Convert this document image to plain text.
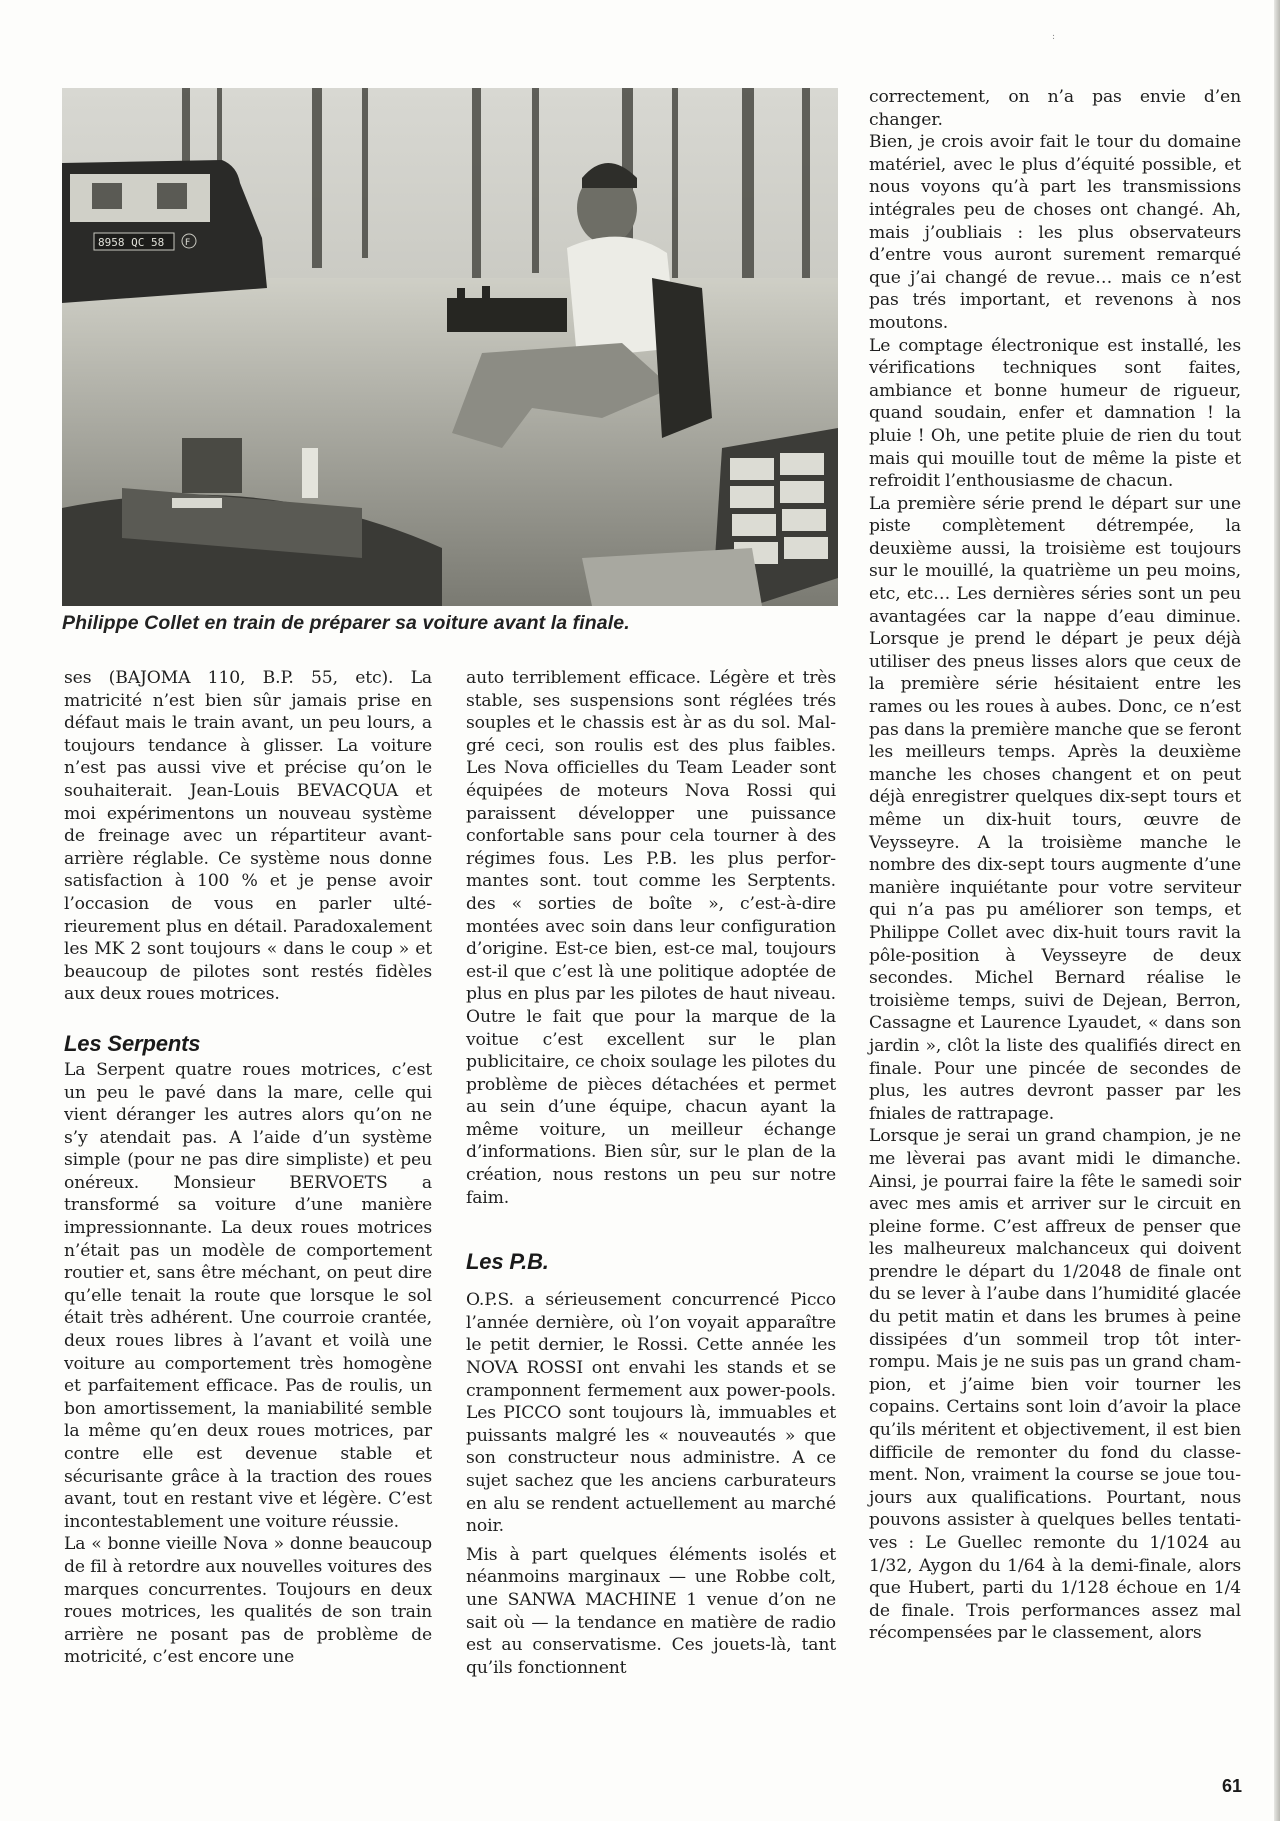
:
8958 QC 58 F
Philippe Collet en train de préparer sa voiture avant la finale.

ses (BAJOMA 110, B.P. 55, etc). La matricité n’est bien sûr jamais prise en défaut mais le train avant, un peu lours, a toujours tendance à glisser. La voiture n’est pas aussi vive et précise qu’on le souhaiterait. Jean-Louis BEVACQUA et moi expérimentons un nouveau système de freinage avec un répartiteur avant-arrière réglable. Ce système nous donne satisfaction à 100 % et je pense avoir l’occasion de vous en parler ultérieurement plus en détail. Paradoxalement les MK 2 sont toujours « dans le coup » et beaucoup de pilotes sont restés fidèles aux deux roues motrices.

Les Serpents

La Serpent quatre roues motrices, c’est un peu le pavé dans la mare, celle qui vient déranger les autres alors qu’on ne s’y atendait pas. A l’aide d’un système simple (pour ne pas dire simpliste) et peu onéreux. Monsieur BERVOETS a transformé sa voiture d’une manière impressionnante. La deux roues motrices n’était pas un modèle de comportement routier et, sans être méchant, on peut dire qu’elle tenait la route que lorsque le sol était très adhérent. Une courroie crantée, deux roues libres à l’avant et voilà une voiture au comportement très homogène et parfaitement efficace. Pas de roulis, un bon amortissement, la maniabilité semble la même qu’en deux roues motrices, par contre elle est devenue stable et sécurisante grâce à la traction des roues avant, tout en restant vive et légère. C’est incontestablement une voiture réussie.

La « bonne vieille Nova » donne beaucoup de fil à retordre aux nouvelles voitures des marques concurrentes. Toujours en deux roues motrices, les qualités de son train arrière ne posant pas de problème de motricité, c’est encore une

auto terriblement efficace. Légère et très stable, ses suspensions sont réglées trés souples et le chassis est àr as du sol. Malgré ceci, son roulis est des plus faibles. Les Nova officielles du Team Leader sont équipées de moteurs Nova Rossi qui paraissent développer une puissance confortable sans pour cela tourner à des régimes fous. Les P.B. les plus performantes sont. tout comme les Serptents. des « sorties de boîte », c’est-à-dire montées avec soin dans leur configuration d’origine. Est-ce bien, est-ce mal, toujours est-il que c’est là une politique adoptée de plus en plus par les pilotes de haut niveau. Outre le fait que pour la marque de la voitue c’est excellent sur le plan publicitaire, ce choix soulage les pilotes du problème de pièces détachées et permet au sein d’une équipe, chacun ayant la même voiture, un meilleur échange d’informations. Bien sûr, sur le plan de la création, nous restons un peu sur notre faim.

Les P.B.

O.P.S. a sérieusement concurrencé Picco l’année dernière, où l’on voyait apparaître le petit dernier, le Rossi. Cette année les NOVA ROSSI ont envahi les stands et se cramponnent fermement aux power-pools. Les PICCO sont toujours là, immuables et puissants malgré les « nouveautés » que son constructeur nous administre. A ce sujet sachez que les anciens carburateurs en alu se rendent actuellement au marché noir.

Mis à part quelques éléments isolés et néanmoins marginaux — une Robbe colt, une SANWA MACHINE 1 venue d’on ne sait où — la tendance en matière de radio est au conservatisme. Ces jouets-là, tant qu’ils fonctionnent

correctement, on n’a pas envie d’en changer.

Bien, je crois avoir fait le tour du domaine matériel, avec le plus d’équité possible, et nous voyons qu’à part les transmissions intégrales peu de choses ont changé. Ah, mais j’oubliais : les plus observateurs d’entre vous auront surement remarqué que j’ai changé de revue… mais ce n’est pas trés important, et revenons à nos moutons.

Le comptage électronique est installé, les vérifications techniques sont faites, ambiance et bonne humeur de rigueur, quand soudain, enfer et damnation ! la pluie ! Oh, une petite pluie de rien du tout mais qui mouille tout de même la piste et refroidit l’enthousiasme de chacun.

La première série prend le départ sur une piste complètement détrempée, la deuxième aussi, la troisième est toujours sur le mouillé, la quatrième un peu moins, etc, etc… Les dernières séries sont un peu avantagées car la nappe d’eau diminue. Lorsque je prend le départ je peux déjà utiliser des pneus lisses alors que ceux de la première série hésitaient entre les rames ou les roues à aubes. Donc, ce n’est pas dans la première manche que se feront les meilleurs temps. Après la deuxième manche les choses changent et on peut déjà enregistrer quelques dix-sept tours et même un dix-huit tours, œuvre de Veysseyre. A la troisième manche le nombre des dix-sept tours augmente d’une manière inquiétante pour votre serviteur qui n’a pas pu améliorer son temps, et Philippe Collet avec dix-huit tours ravit la pôle-position à Veysseyre de deux secondes. Michel Bernard réalise le troisième temps, suivi de Dejean, Berron, Cassagne et Laurence Lyaudet, « dans son jardin », clôt la liste des qualifiés direct en finale. Pour une pincée de secondes de plus, les autres devront passer par les fniales de rattrapage.

Lorsque je serai un grand champion, je ne me lèverai pas avant midi le dimanche. Ainsi, je pourrai faire la fête le samedi soir avec mes amis et arriver sur le circuit en pleine forme. C’est affreux de penser que les malheureux malchanceux qui doivent prendre le départ du 1/2048 de finale ont du se lever à l’aube dans l’humidité glacée du petit matin et dans les brumes à peine dissipées d’un sommeil trop tôt interrompu. Mais je ne suis pas un grand champion, et j’aime bien voir tourner les copains. Certains sont loin d’avoir la place qu’ils méritent et objectivement, il est bien difficile de remonter du fond du classement. Non, vraiment la course se joue toujours aux qualifications. Pourtant, nous pouvons assister à quelques belles tentatives : Le Guellec remonte du 1/1024 au 1/32, Aygon du 1/64 à la demi-finale, alors que Hubert, parti du 1/128 échoue en 1/4 de finale. Trois performances assez mal récompensées par le classement, alors

61
